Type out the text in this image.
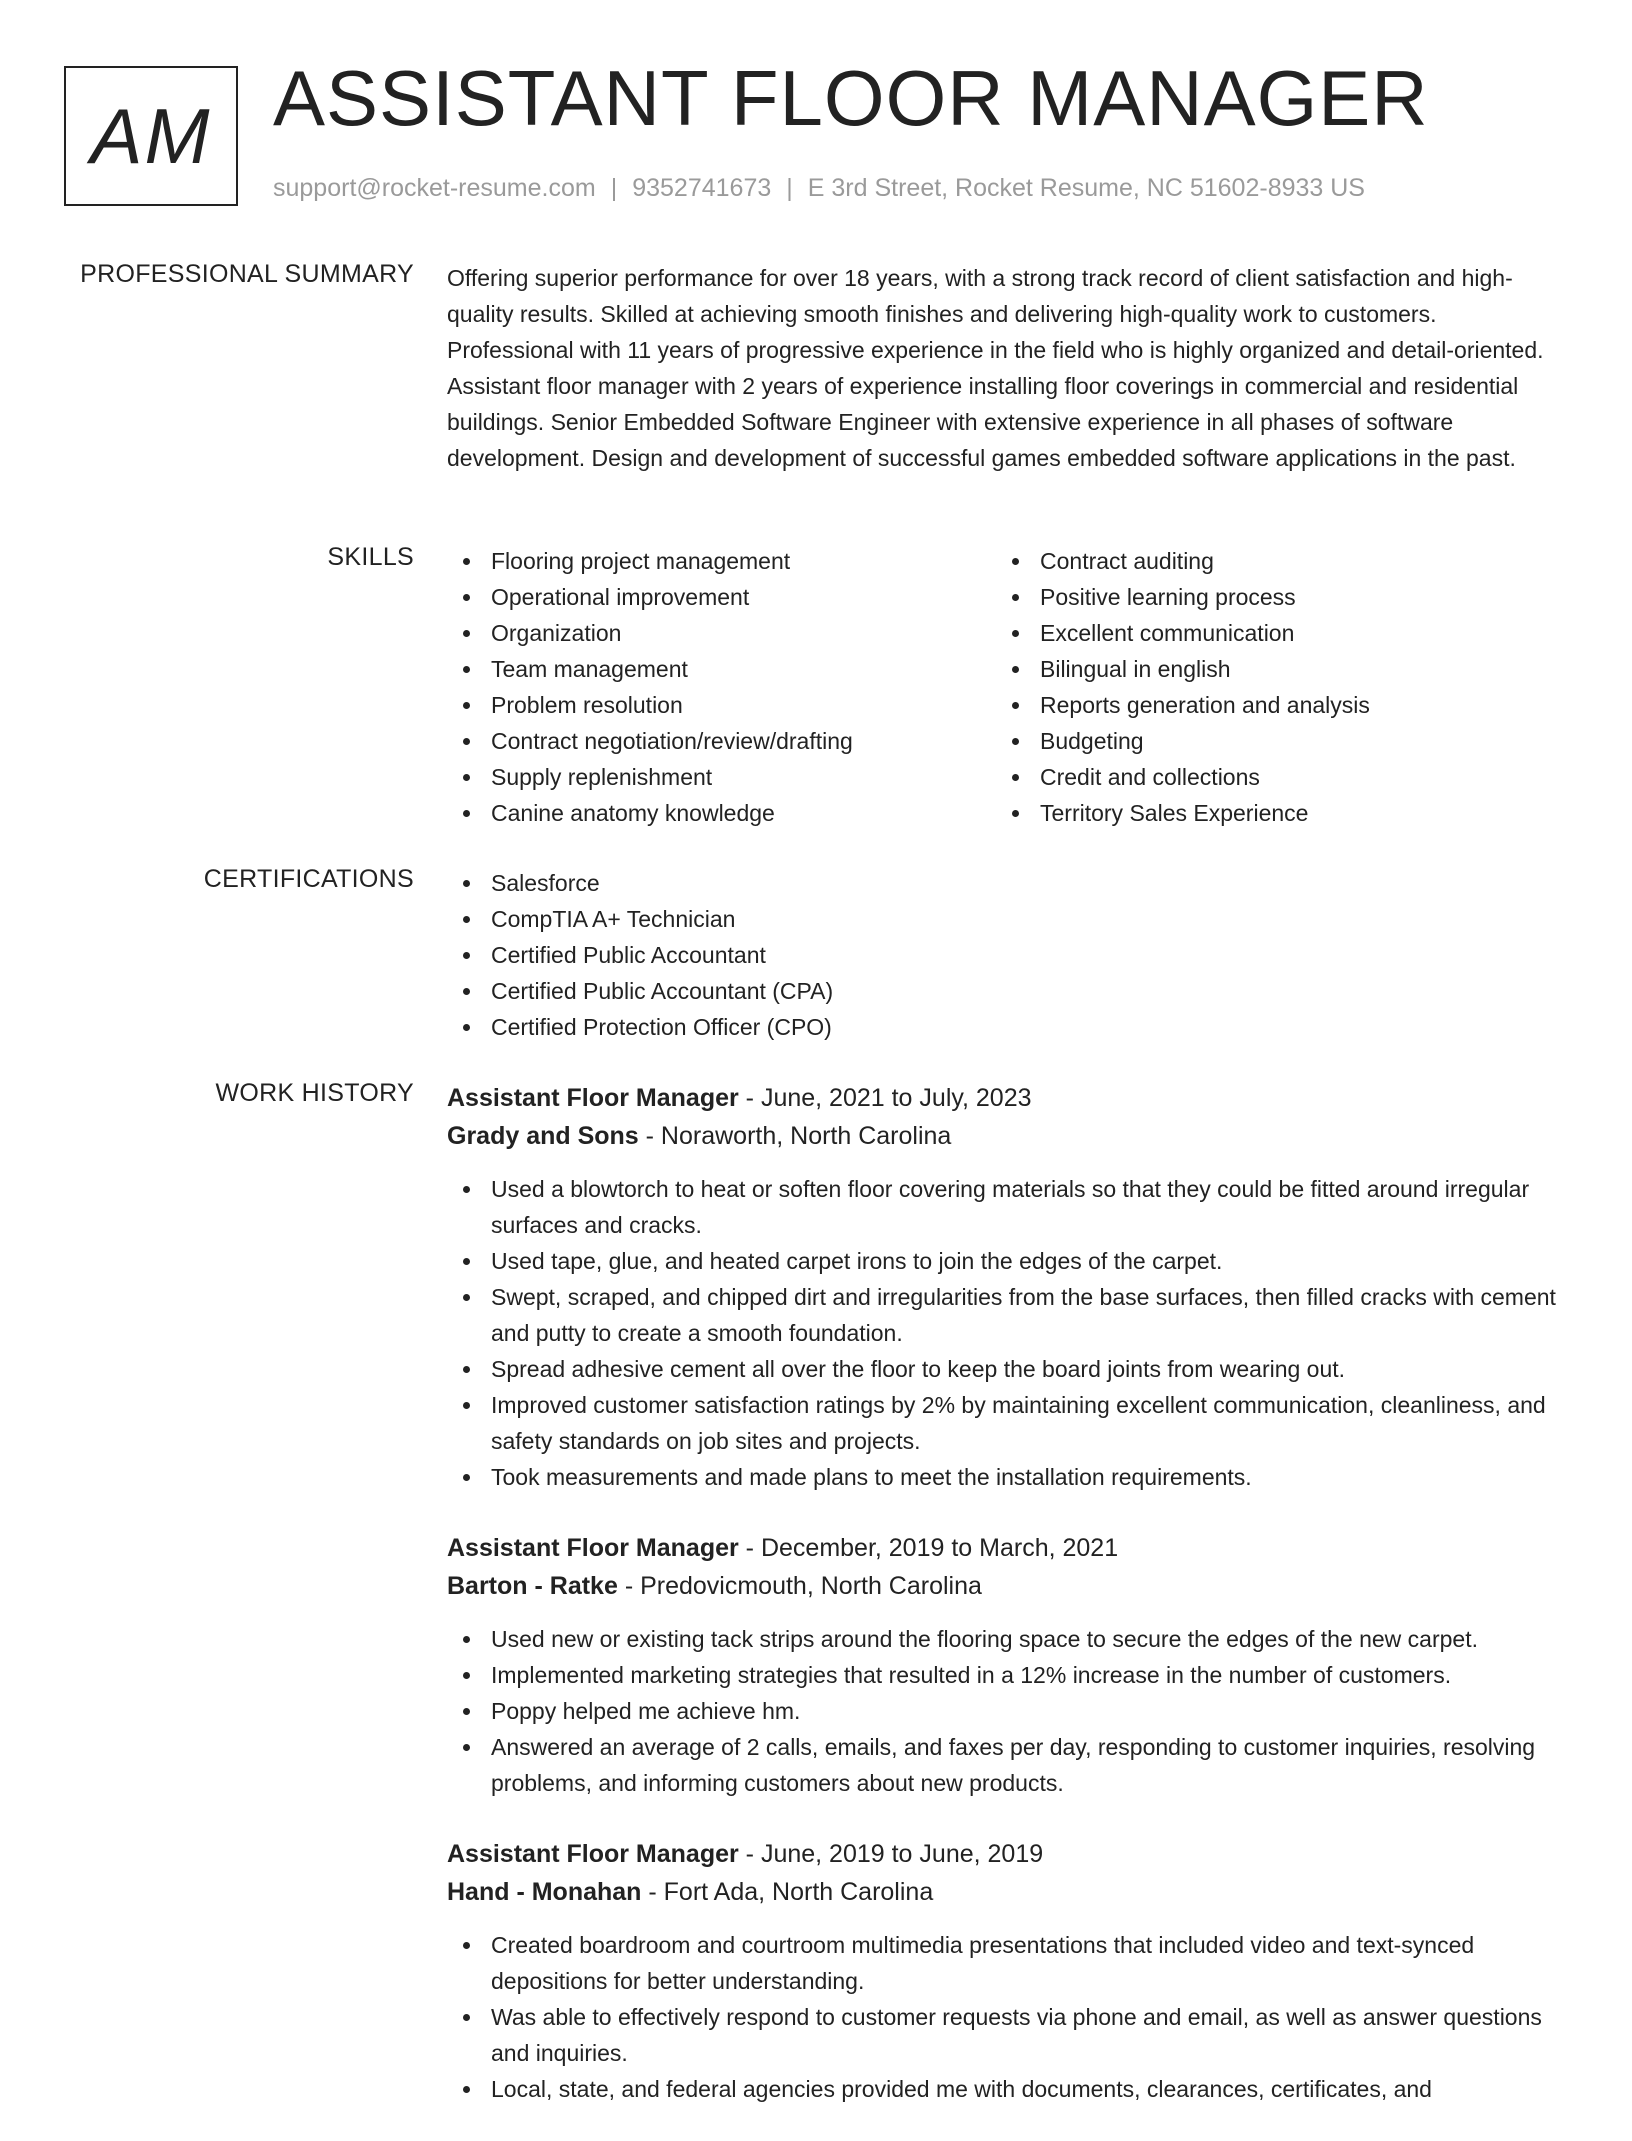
AM ASSISTANT FLOOR MANAGER
support@rocket-resume.com | 9352741673 | E 3rd Street, Rocket Resume, NC 51602-8933 US
PROFESSIONAL SUMMARY Offering superior performance for over 18 years, with a strong track record of client satisfaction and high-quality results. Skilled at achieving smooth finishes and delivering high-quality work to customers. Professional with 11 years of progressive experience in the field who is highly organized and detail-oriented. Assistant floor manager with 2 years of experience installing floor coverings in commercial and residential buildings. Senior Embedded Software Engineer with extensive experience in all phases of software development. Design and development of successful games embedded software applications in the past.

SKILLS	Flooring project management
Operational improvement
Organization
Team management
Problem resolution
Contract negotiation/review/drafting
Supply replenishment
Canine anatomy knowledge
Contract auditing
Positive learning process
Excellent communication
Bilingual in english
Reports generation and analysis
Budgeting
Credit and collections
Territory Sales Experience
CERTIFICATIONS	Salesforce
CompTIA A+ Technician
Certified Public Accountant
Certified Public Accountant (CPA)
Certified Protection Officer (CPO)
WORK HISTORY Assistant Floor Manager - June, 2021 to July, 2023
Grady and Sons - Noraworth, North Carolina
Used a blowtorch to heat or soften floor covering materials so that they could be fitted around irregular surfaces and cracks.
Used tape, glue, and heated carpet irons to join the edges of the carpet.
Swept, scraped, and chipped dirt and irregularities from the base surfaces, then filled cracks with cement and putty to create a smooth foundation.
Spread adhesive cement all over the floor to keep the board joints from wearing out.
Improved customer satisfaction ratings by 2% by maintaining excellent communication, cleanliness, and safety standards on job sites and projects.
Took measurements and made plans to meet the installation requirements.
Assistant Floor Manager - December, 2019 to March, 2021
Barton - Ratke - Predovicmouth, North Carolina
Used new or existing tack strips around the flooring space to secure the edges of the new carpet.
Implemented marketing strategies that resulted in a 12% increase in the number of customers.
Poppy helped me achieve hm.
Answered an average of 2 calls, emails, and faxes per day, responding to customer inquiries, resolving problems, and informing customers about new products.
Assistant Floor Manager - June, 2019 to June, 2019
Hand - Monahan - Fort Ada, North Carolina
Created boardroom and courtroom multimedia presentations that included video and text-synced depositions for better understanding.
Was able to effectively respond to customer requests via phone and email, as well as answer questions and inquiries.
Local, state, and federal agencies provided me with documents, clearances, certificates, and
